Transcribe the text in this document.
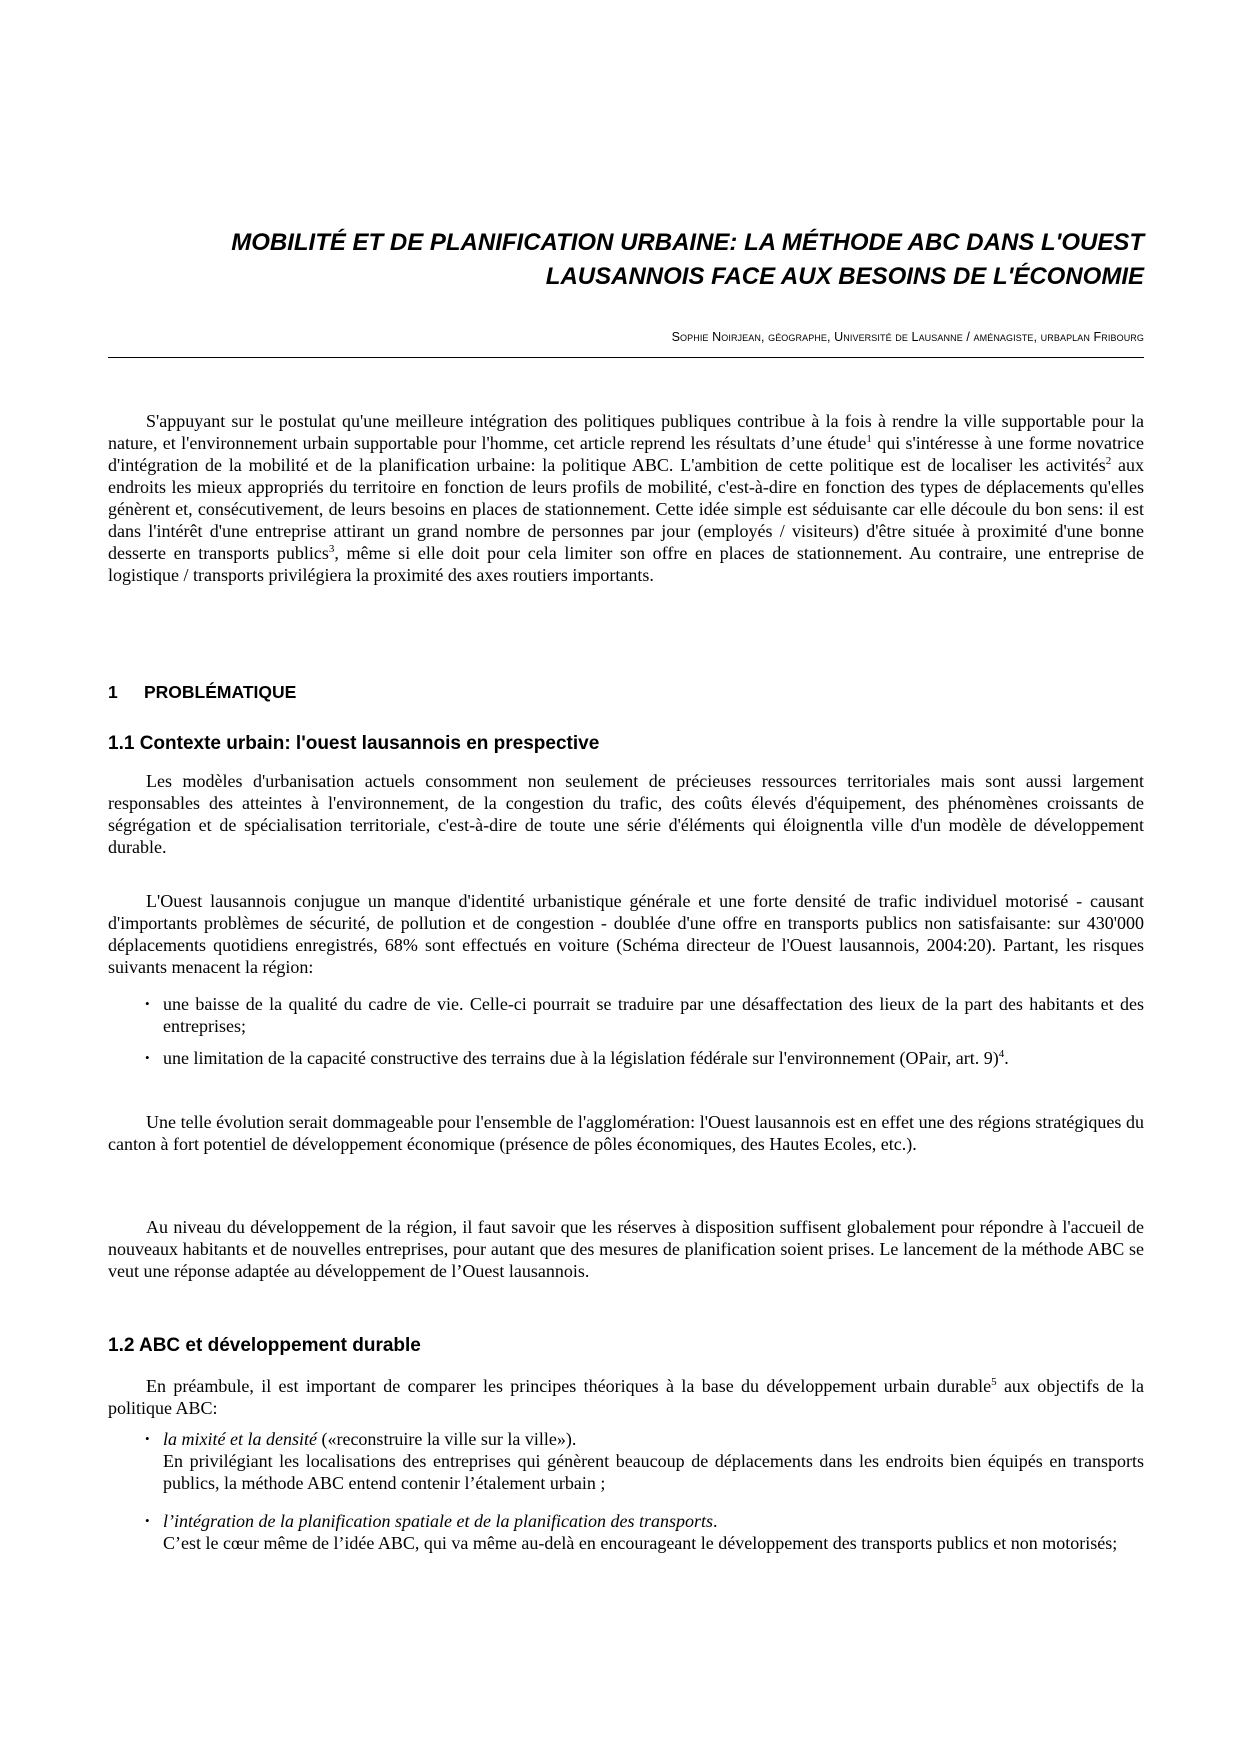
MOBILITÉ ET DE PLANIFICATION URBAINE: LA MÉTHODE ABC DANS L'OUEST
LAUSANNOIS FACE AUX BESOINS DE L'ÉCONOMIE
Sophie Noirjean, géographe, Université de Lausanne / aménagiste, urbaplan Fribourg
S'appuyant sur le postulat qu'une meilleure intégration des politiques publiques contribue à la fois à rendre la ville supportable pour la nature, et l'environnement urbain supportable pour l'homme, cet article reprend les résultats d’une étude$^1$ qui s'intéresse à une forme novatrice d'intégration de la mobilité et de la planification urbaine: la politique ABC. L'ambition de cette politique est de localiser les activités$^2$ aux endroits les mieux appropriés du territoire en fonction de leurs profils de mobilité, c'est-à-dire en fonction des types de déplacements qu'elles génèrent et, consécutivement, de leurs besoins en places de stationnement. Cette idée simple est séduisante car elle découle du bon sens: il est dans l'intérêt d'une entreprise attirant un grand nombre de personnes par jour (employés / visiteurs) d'être située à proximité d'une bonne desserte en transports publics$^3$, même si elle doit pour cela limiter son offre en places de stationnement. Au contraire, une entreprise de logistique / transports privilégiera la proximité des axes routiers importants.
1 PROBLÉMATIQUE
1.1 Contexte urbain: l'ouest lausannois en prespective
Les modèles d'urbanisation actuels consomment non seulement de précieuses ressources territoriales mais sont aussi largement responsables des atteintes à l'environnement, de la congestion du trafic, des coûts élevés d'équipement, des phénomènes croissants de ségrégation et de spécialisation territoriale, c'est-à-dire de toute une série d'éléments qui éloignentla ville d'un modèle de développement durable.
L'Ouest lausannois conjugue un manque d'identité urbanistique générale et une forte densité de trafic individuel motorisé - causant d'importants problèmes de sécurité, de pollution et de congestion - doublée d'une offre en transports publics non satisfaisante: sur 430'000 déplacements quotidiens enregistrés, 68% sont effectués en voiture (Schéma directeur de l'Ouest lausannois, 2004:20). Partant, les risques suivants menacent la région:
• une baisse de la qualité du cadre de vie. Celle-ci pourrait se traduire par une désaffectation des lieux de la part des habitants et des entreprises;
• une limitation de la capacité constructive des terrains due à la législation fédérale sur l'environnement (OPair, art. 9)$^4$.
Une telle évolution serait dommageable pour l'ensemble de l'agglomération: l'Ouest lausannois est en effet une des régions stratégiques du canton à fort potentiel de développement économique (présence de pôles économiques, des Hautes Ecoles, etc.).
Au niveau du développement de la région, il faut savoir que les réserves à disposition suffisent globalement pour répondre à l'accueil de nouveaux habitants et de nouvelles entreprises, pour autant que des mesures de planification soient prises. Le lancement de la méthode ABC se veut une réponse adaptée au développement de l’Ouest lausannois.
1.2 ABC et développement durable
En préambule, il est important de comparer les principes théoriques à la base du développement urbain durable$^5$ aux objectifs de la politique ABC:
• la mixité et la densité («reconstruire la ville sur la ville»).
En privilégiant les localisations des entreprises qui génèrent beaucoup de déplacements dans les endroits bien équipés en transports publics, la méthode ABC entend contenir l’étalement urbain ;
• l’intégration de la planification spatiale et de la planification des transports.
C’est le cœur même de l’idée ABC, qui va même au-delà en encourageant le développement des transports publics et non motorisés;
